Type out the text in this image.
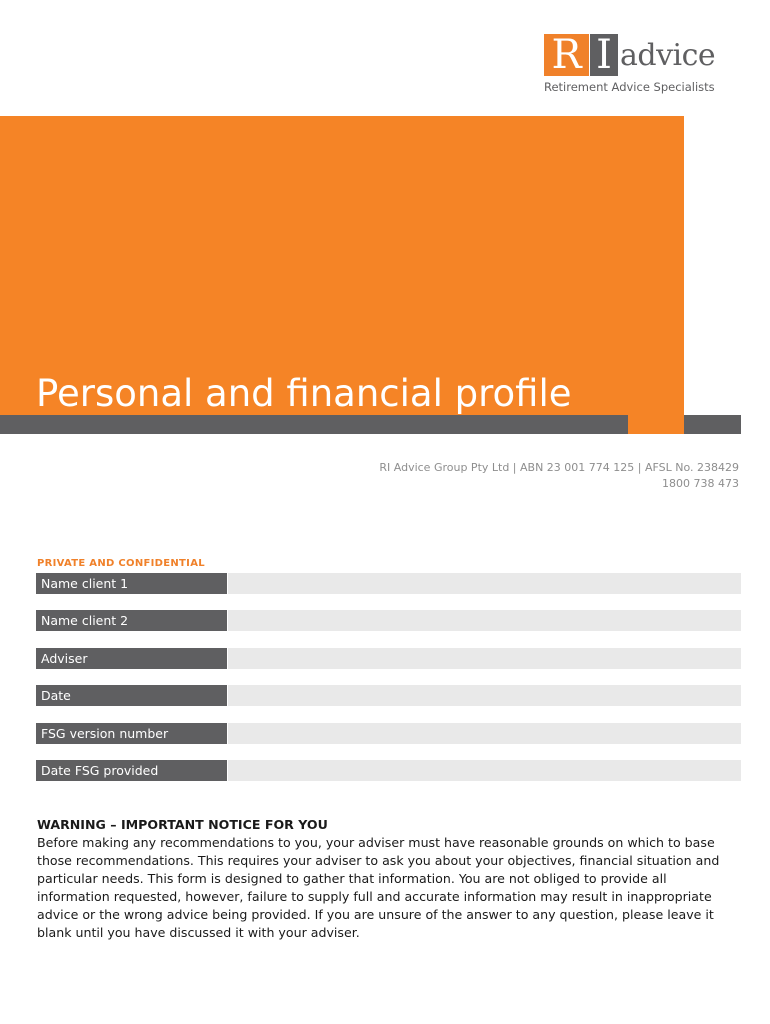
R I advice
Retirement Advice Specialists
Personal and financial profile
RI Advice Group Pty Ltd | ABN 23 001 774 125 | AFSL No. 238429
1800 738 473
PRIVATE AND CONFIDENTIAL
Name client 1
Name client 2
Adviser
Date
FSG version number
Date FSG provided
WARNING – IMPORTANT NOTICE FOR YOU
Before making any recommendations to you, your adviser must have reasonable grounds on which to base those recommendations. This requires your adviser to ask you about your objectives, financial situation and particular needs. This form is designed to gather that information. You are not obliged to provide all information requested, however, failure to supply full and accurate information may result in inappropriate advice or the wrong advice being provided. If you are unsure of the answer to any question, please leave it blank until you have discussed it with your adviser.
